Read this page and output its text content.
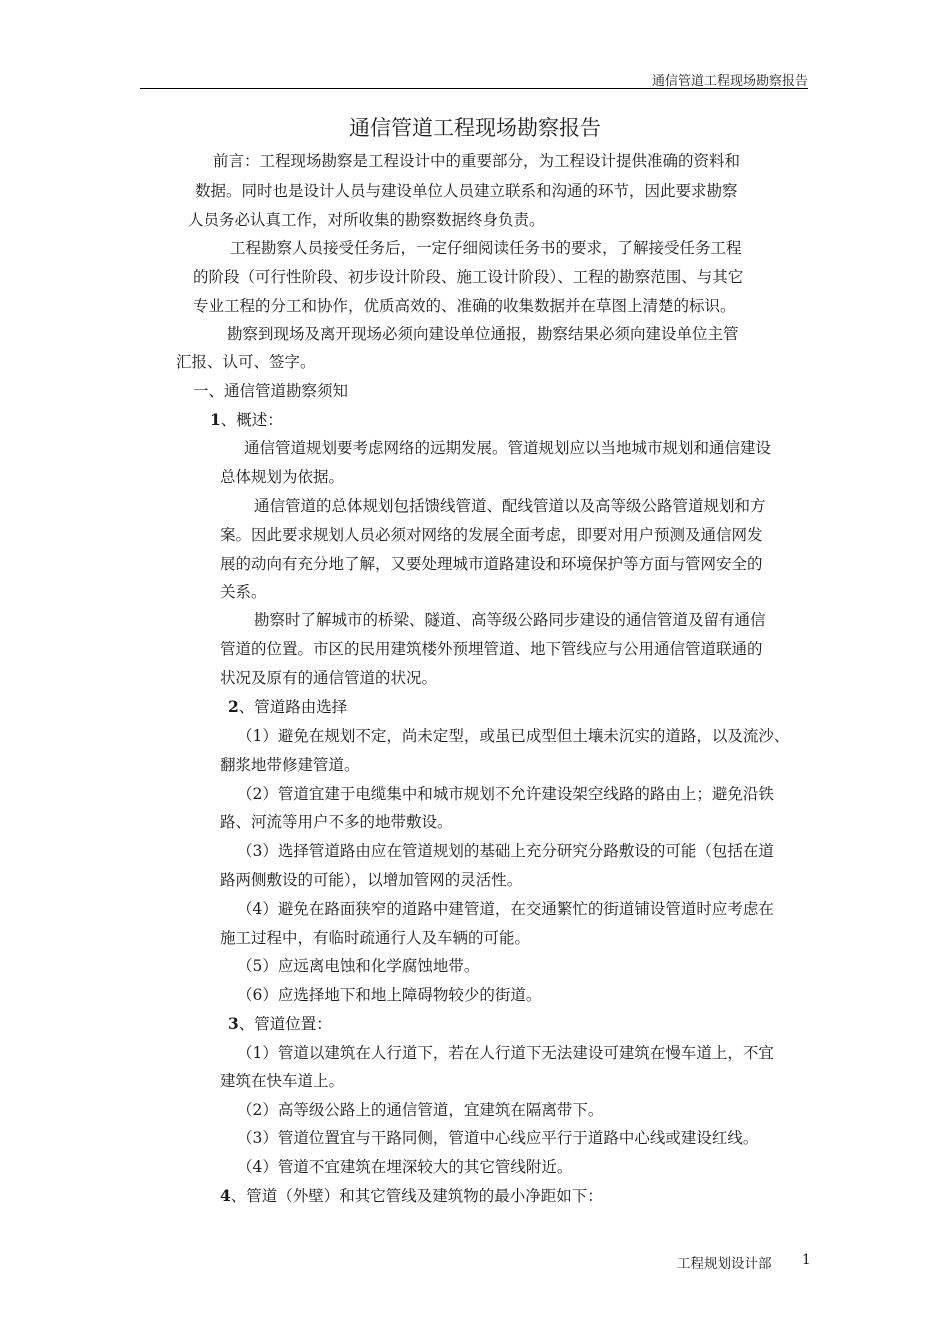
通信管道工程现场勘察报告
通信管道工程现场勘察报告
前言：工程现场勘察是工程设计中的重要部分，为工程设计提供准确的资料和
数据。同时也是设计人员与建设单位人员建立联系和沟通的环节，因此要求勘察
人员务必认真工作，对所收集的勘察数据终身负责。
工程勘察人员接受任务后，一定仔细阅读任务书的要求，了解接受任务工程
的阶段（可行性阶段、初步设计阶段、施工设计阶段）、工程的勘察范围、与其它
专业工程的分工和协作，优质高效的、准确的收集数据并在草图上清楚的标识。
勘察到现场及离开现场必须向建设单位通报，勘察结果必须向建设单位主管
汇报、认可、签字。
一、通信管道勘察须知
1、概述：
通信管道规划要考虑网络的远期发展。管道规划应以当地城市规划和通信建设
总体规划为依据。
通信管道的总体规划包括馈线管道、配线管道以及高等级公路管道规划和方
案。因此要求规划人员必须对网络的发展全面考虑，即要对用户预测及通信网发
展的动向有充分地了解，又要处理城市道路建设和环境保护等方面与管网安全的
关系。
勘察时了解城市的桥梁、隧道、高等级公路同步建设的通信管道及留有通信
管道的位置。市区的民用建筑楼外预埋管道、地下管线应与公用通信管道联通的
状况及原有的通信管道的状况。
2、管道路由选择
（1）避免在规划不定，尚未定型，或虽已成型但土壤未沉实的道路，以及流沙、
翻浆地带修建管道。
（2）管道宜建于电缆集中和城市规划不允许建设架空线路的路由上；避免沿铁
路、河流等用户不多的地带敷设。
（3）选择管道路由应在管道规划的基础上充分研究分路敷设的可能（包括在道
路两侧敷设的可能），以增加管网的灵活性。
（4）避免在路面狭窄的道路中建管道，在交通繁忙的街道铺设管道时应考虑在
施工过程中，有临时疏通行人及车辆的可能。
（5）应远离电蚀和化学腐蚀地带。
（6）应选择地下和地上障碍物较少的街道。
3、管道位置：
（1）管道以建筑在人行道下，若在人行道下无法建设可建筑在慢车道上，不宜
建筑在快车道上。
（2）高等级公路上的通信管道，宜建筑在隔离带下。
（3）管道位置宜与干路同侧，管道中心线应平行于道路中心线或建设红线。
（4）管道不宜建筑在埋深较大的其它管线附近。
4、管道（外壁）和其它管线及建筑物的最小净距如下：
工程规划设计部 1
